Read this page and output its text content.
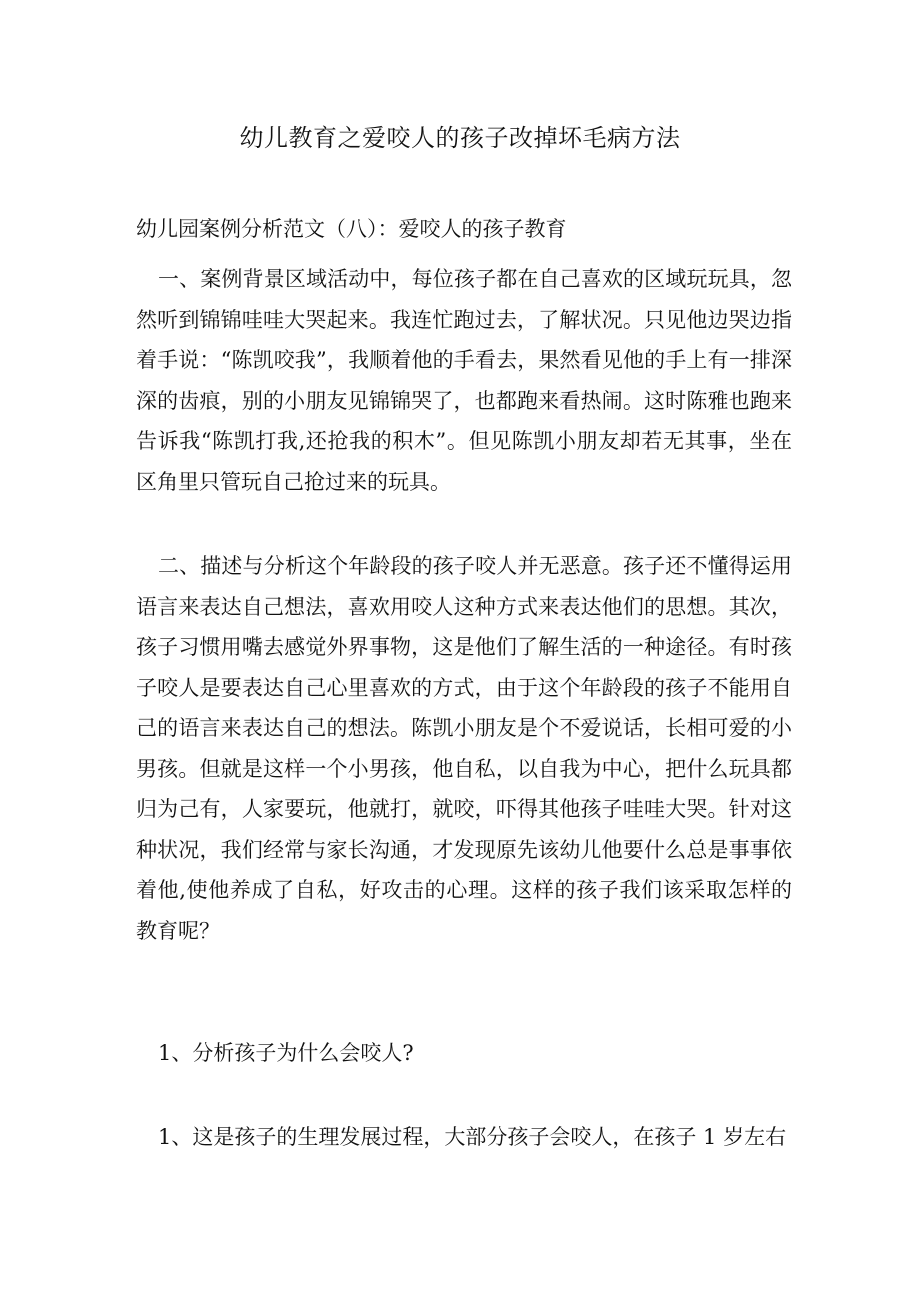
幼儿教育之爱咬人的孩子改掉坏毛病方法
幼儿园案例分析范文（八）：爱咬人的孩子教育
一、案例背景区域活动中，每位孩子都在自己喜欢的区域玩玩具，忽然听到锦锦哇哇大哭起来。我连忙跑过去，了解状况。只见他边哭边指着手说：“陈凯咬我”，我顺着他的手看去，果然看见他的手上有一排深深的齿痕，别的小朋友见锦锦哭了，也都跑来看热闹。这时陈雅也跑来告诉我“陈凯打我,还抢我的积木”。但见陈凯小朋友却若无其事，坐在区角里只管玩自己抢过来的玩具。
二、描述与分析这个年龄段的孩子咬人并无恶意。孩子还不懂得运用语言来表达自己想法，喜欢用咬人这种方式来表达他们的思想。其次，孩子习惯用嘴去感觉外界事物，这是他们了解生活的一种途径。有时孩子咬人是要表达自己心里喜欢的方式，由于这个年龄段的孩子不能用自己的语言来表达自己的想法。陈凯小朋友是个不爱说话，长相可爱的小男孩。但就是这样一个小男孩，他自私，以自我为中心，把什么玩具都归为己有，人家要玩，他就打，就咬，吓得其他孩子哇哇大哭。针对这种状况，我们经常与家长沟通，才发现原先该幼儿他要什么总是事事依着他,使他养成了自私，好攻击的心理。这样的孩子我们该采取怎样的教育呢？
1、分析孩子为什么会咬人?
1、这是孩子的生理发展过程，大部分孩子会咬人，在孩子 1 岁左右
